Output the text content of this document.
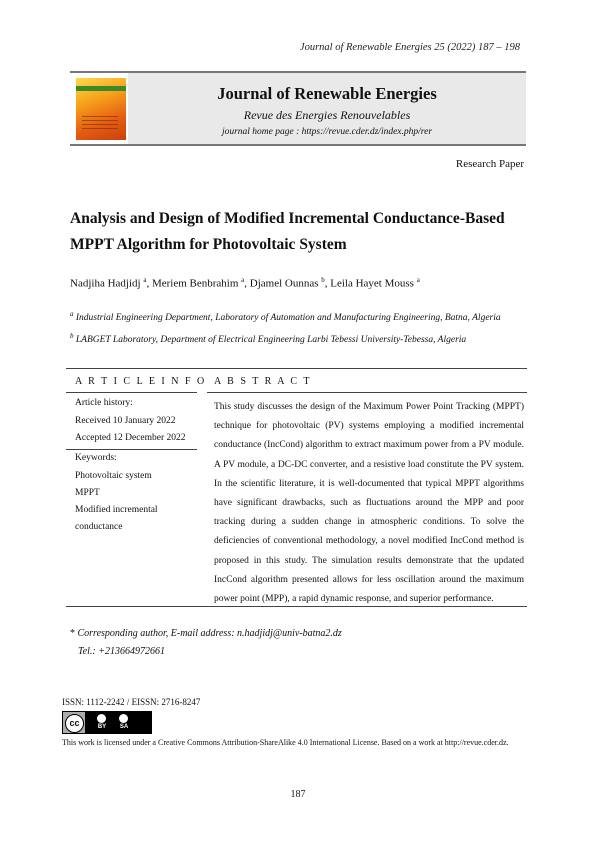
Journal of Renewable Energies 25 (2022) 187 – 198
Journal of Renewable Energies
Revue des Energies Renouvelables
journal home page : https://revue.cder.dz/index.php/rer
Research Paper
Analysis and Design of Modified Incremental Conductance-Based
MPPT Algorithm for Photovoltaic System
Nadjiha Hadjidj $^a$, Meriem Benbrahim $^a$, Djamel Ounnas $^b$, Leila Hayet Mouss $^a$
$^a$ Industrial Engineering Department, Laboratory of Automation and Manufacturing Engineering, Batna, Algeria
$^b$ LABGET Laboratory, Department of Electrical Engineering Larbi Tebessi University-Tebessa, Algeria
A R T I C L E I N F O A B S T R A C T
Article history:
Received 10 January 2022
Accepted 12 December 2022
Keywords:
Photovoltaic system
MPPT
Modified incremental
conductance
This study discusses the design of the Maximum Power Point Tracking (MPPT) technique for photovoltaic (PV) systems employing a modified incremental conductance (IncCond) algorithm to extract maximum power from a PV module. A PV module, a DC-DC converter, and a resistive load constitute the PV system. In the scientific literature, it is well-documented that typical MPPT algorithms have significant drawbacks, such as fluctuations around the MPP and poor tracking during a sudden change in atmospheric conditions. To solve the deficiencies of conventional methodology, a novel modified IncCond method is proposed in this study. The simulation results demonstrate that the updated IncCond algorithm presented allows for less oscillation around the maximum power point (MPP), a rapid dynamic response, and superior performance.
* Corresponding author, E-mail address: n.hadjidj@univ-batna2.dz
Tel.: +213664972661
ISSN: 1112-2242 / EISSN: 2716-8247
cc	BY	SA
This work is licensed under a Creative Commons Attribution-ShareAlike 4.0 International License. Based on a work at http://revue.cder.dz.
187
